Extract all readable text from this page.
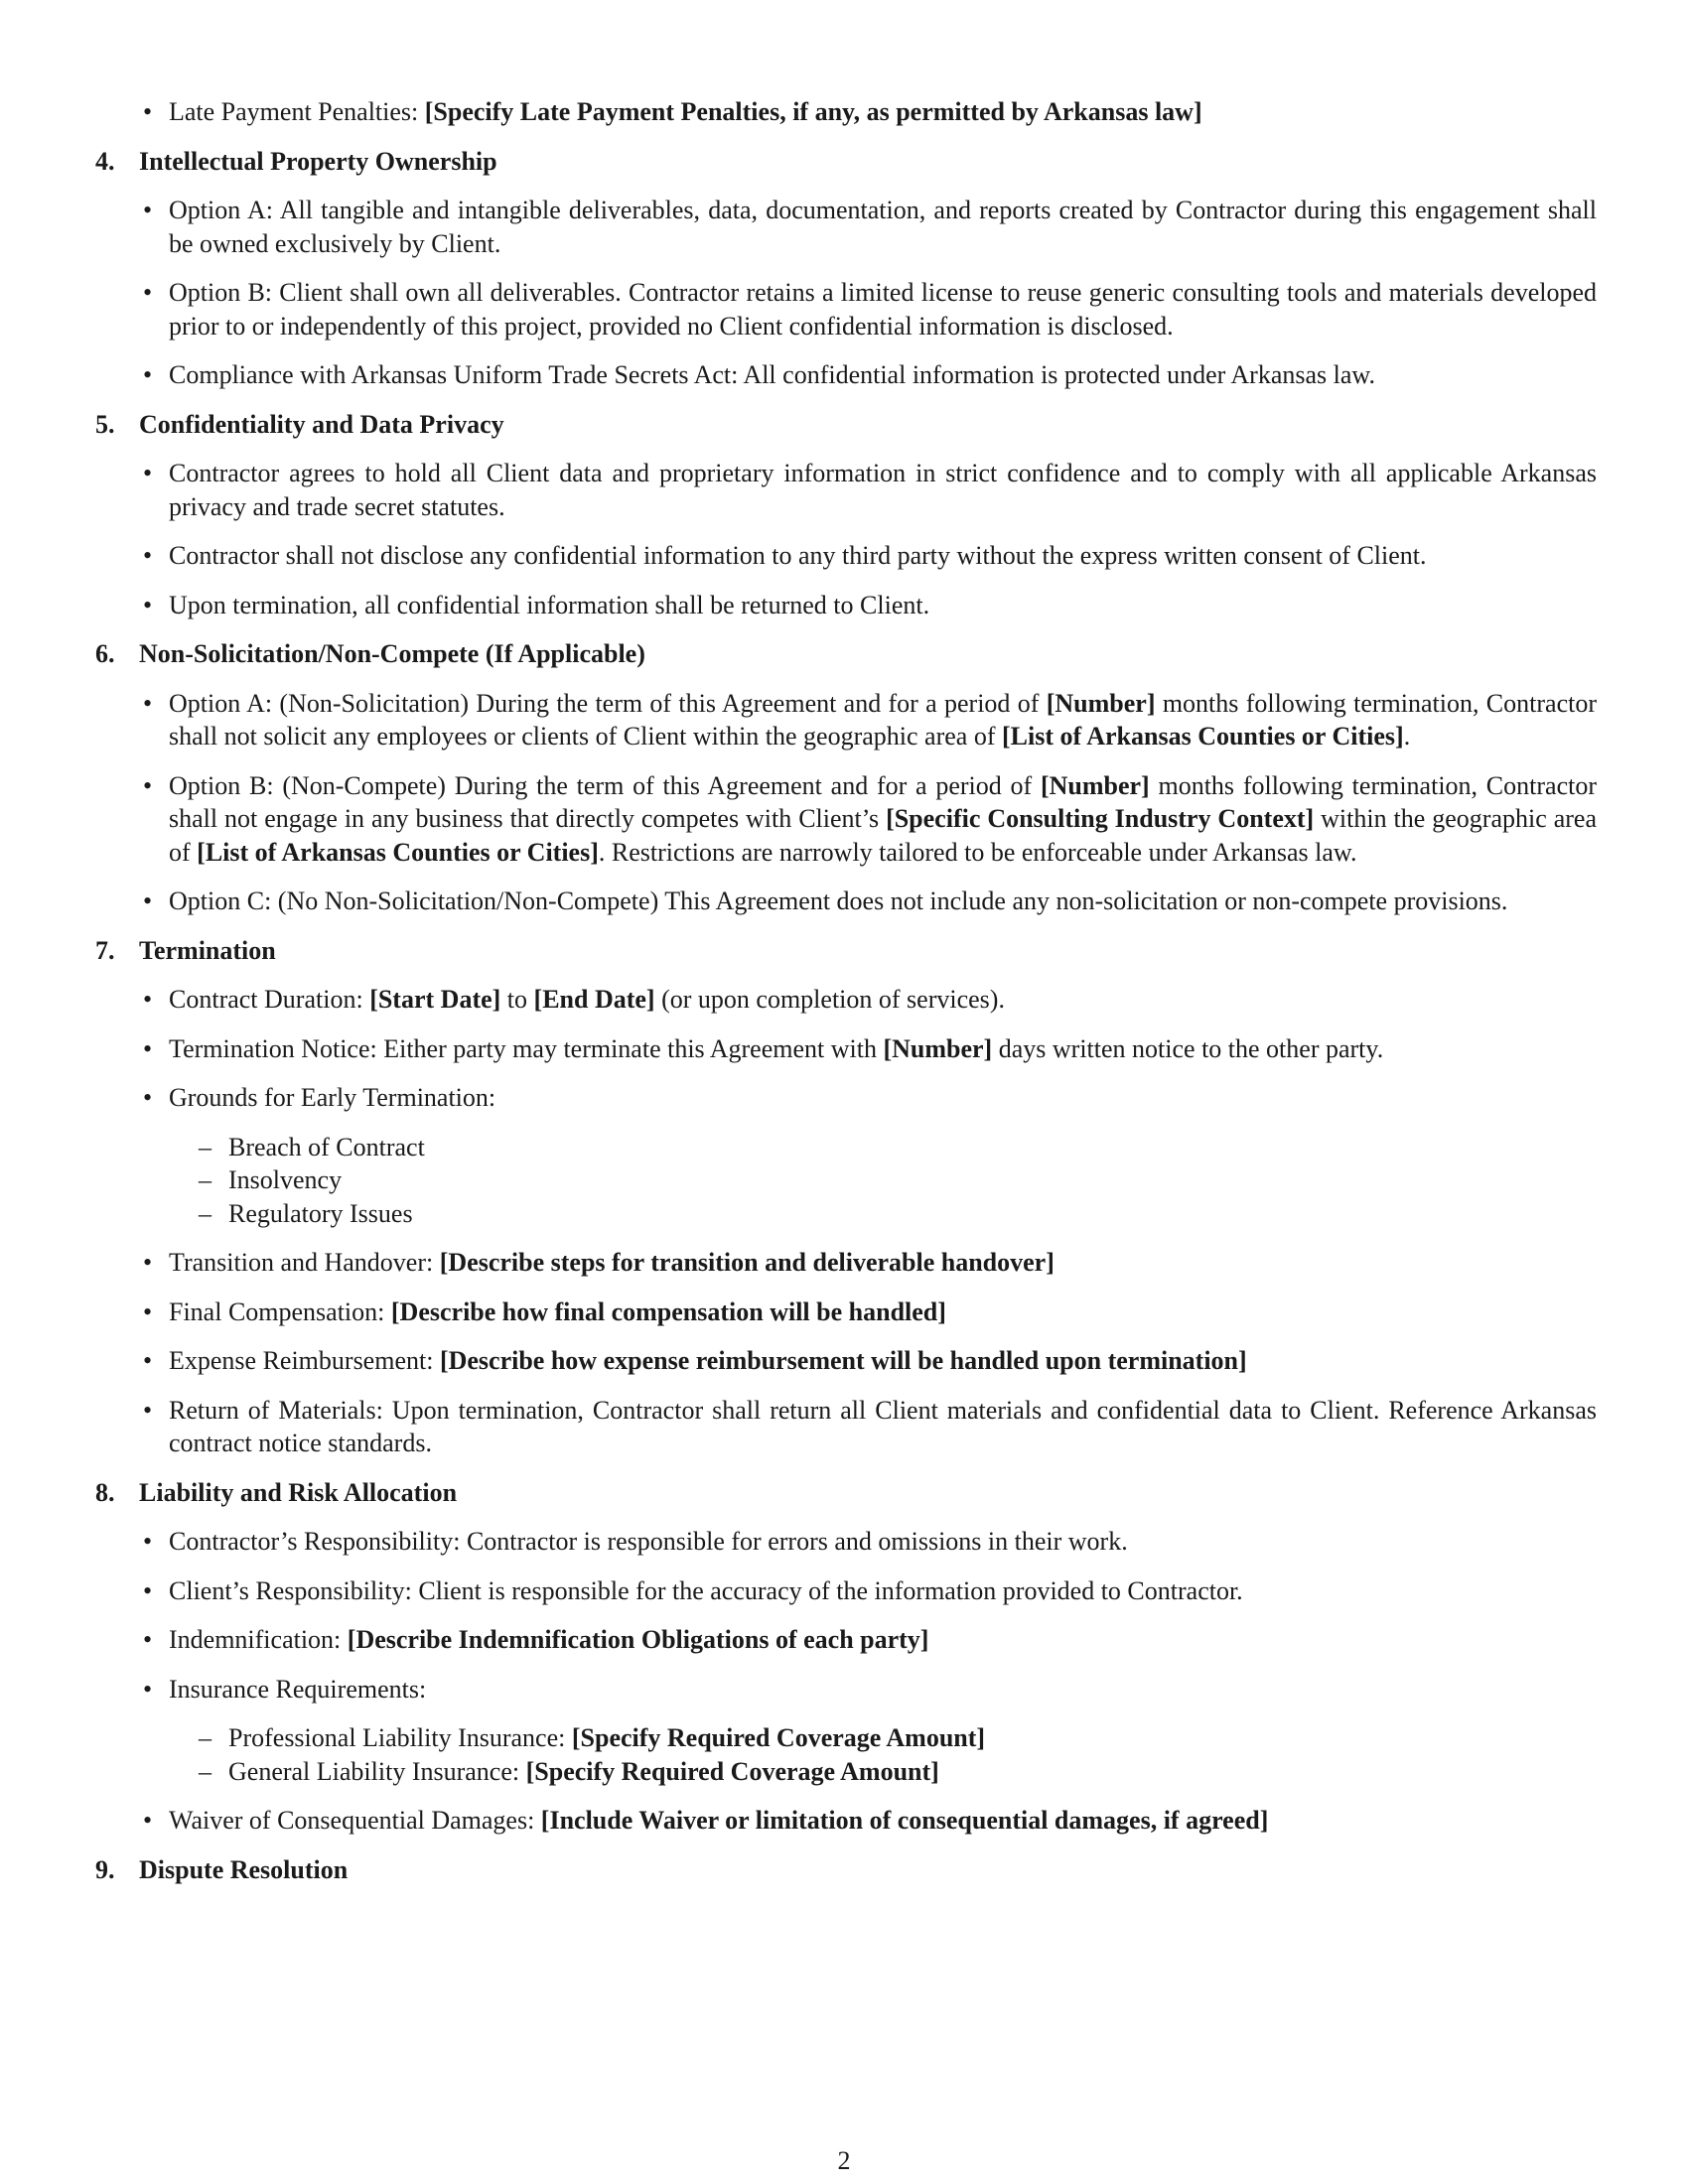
• Late Payment Penalties: [Specify Late Payment Penalties, if any, as permitted by Arkansas law]
4. Intellectual Property Ownership
• Option A: All tangible and intangible deliverables, data, documentation, and reports created by Contractor during this engagement shall be owned exclusively by Client.
• Option B: Client shall own all deliverables. Contractor retains a limited license to reuse generic consulting tools and materials developed prior to or independently of this project, provided no Client confidential information is disclosed.
• Compliance with Arkansas Uniform Trade Secrets Act: All confidential information is protected under Arkansas law.
5. Confidentiality and Data Privacy
• Contractor agrees to hold all Client data and proprietary information in strict confidence and to comply with all applicable Arkansas privacy and trade secret statutes.
• Contractor shall not disclose any confidential information to any third party without the express written consent of Client.
• Upon termination, all confidential information shall be returned to Client.
6. Non-Solicitation/Non-Compete (If Applicable)
• Option A: (Non-Solicitation) During the term of this Agreement and for a period of [Number] months following termination, Contractor shall not solicit any employees or clients of Client within the geographic area of [List of Arkansas Counties or Cities].
• Option B: (Non-Compete) During the term of this Agreement and for a period of [Number] months following termination, Contractor shall not engage in any business that directly competes with Client’s [Specific Consulting Industry Context] within the geographic area of [List of Arkansas Counties or Cities]. Restrictions are narrowly tailored to be enforceable under Arkansas law.
• Option C: (No Non-Solicitation/Non-Compete) This Agreement does not include any non-solicitation or non-compete provisions.
7. Termination
• Contract Duration: [Start Date] to [End Date] (or upon completion of services).
• Termination Notice: Either party may terminate this Agreement with [Number] days written notice to the other party.
• Grounds for Early Termination:
– Breach of Contract
– Insolvency
– Regulatory Issues
• Transition and Handover: [Describe steps for transition and deliverable handover]
• Final Compensation: [Describe how final compensation will be handled]
• Expense Reimbursement: [Describe how expense reimbursement will be handled upon termination]
• Return of Materials: Upon termination, Contractor shall return all Client materials and confidential data to Client. Reference Arkansas contract notice standards.
8. Liability and Risk Allocation
• Contractor’s Responsibility: Contractor is responsible for errors and omissions in their work.
• Client’s Responsibility: Client is responsible for the accuracy of the information provided to Contractor.
• Indemnification: [Describe Indemnification Obligations of each party]
• Insurance Requirements:
– Professional Liability Insurance: [Specify Required Coverage Amount]
– General Liability Insurance: [Specify Required Coverage Amount]
• Waiver of Consequential Damages: [Include Waiver or limitation of consequential damages, if agreed]
9. Dispute Resolution
2
